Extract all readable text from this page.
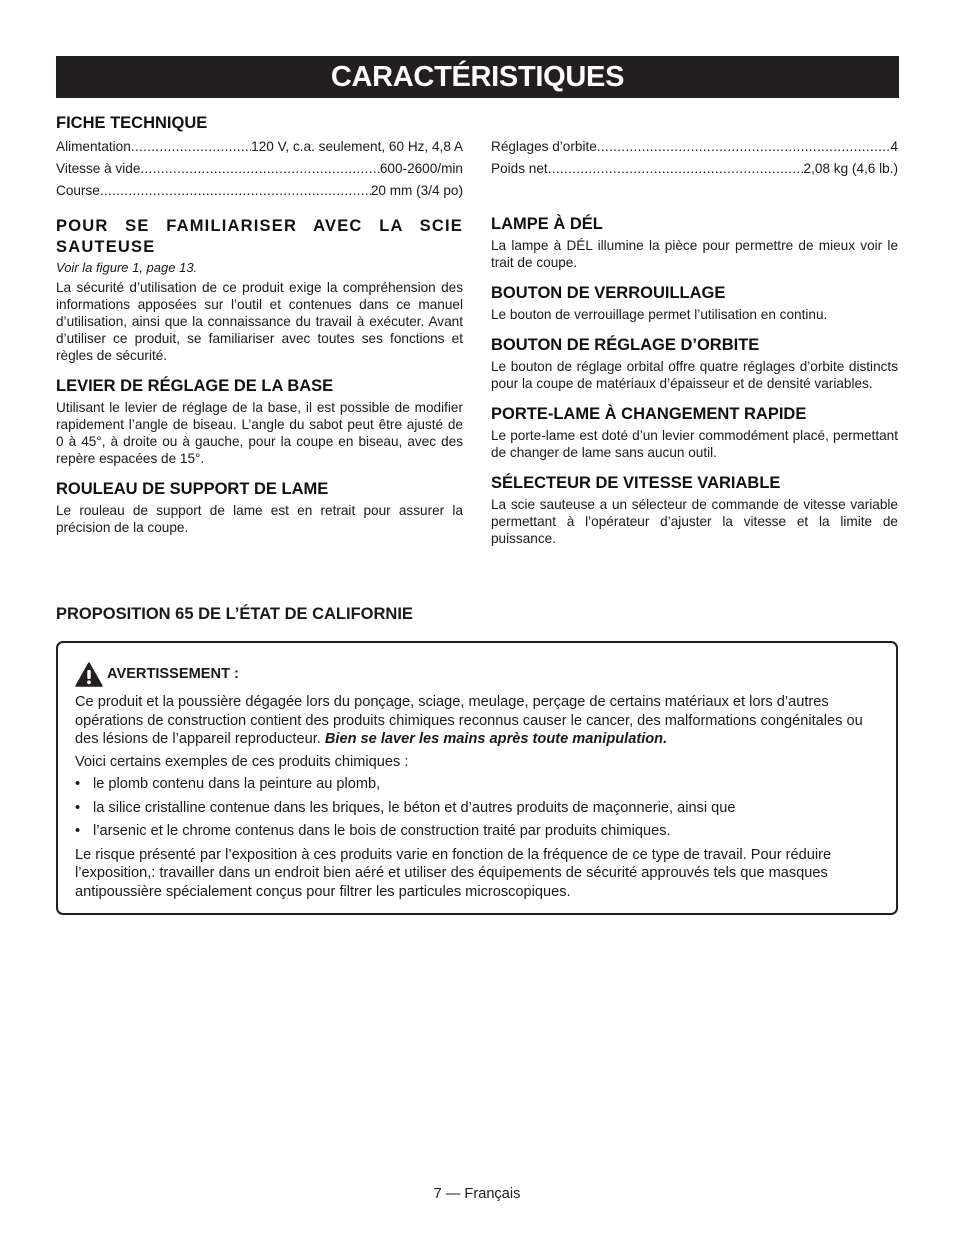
CARACTÉRISTIQUES
FICHE TECHNIQUE
Alimentation .....	120 V, c.a. seulement, 60 Hz, 4,8 A
Vitesse à vide .....	600-2600/min
Course .....	20 mm (3/4 po)
POUR SE FAMILIARISER AVEC LA SCIE SAUTEUSE

Voir la figure 1, page 13.

La sécurité d’utilisation de ce produit exige la compréhension des informations apposées sur l’outil et contenues dans ce manuel d’utilisation, ainsi que la connaissance du travail à exécuter. Avant d’utiliser ce produit, se familiariser avec toutes ses fonctions et règles de sécurité.

LEVIER DE RÉGLAGE DE LA BASE

Utilisant le levier de réglage de la base, il est possible de modifier rapidement l’angle de biseau. L’angle du sabot peut être ajusté de 0 à 45°, à droite ou à gauche, pour la coupe en biseau, avec des repère espacées de 15°.

ROULEAU DE SUPPORT DE LAME

Le rouleau de support de lame est en retrait pour assurer la précision de la coupe.

Réglages d’orbite .....	4
Poids net .....	2,08 kg (4,6 lb.)
LAMPE À DÉL

La lampe à DÉL illumine la pièce pour permettre de mieux voir le trait de coupe.

BOUTON DE VERROUILLAGE

Le bouton de verrouillage permet l’utilisation en continu.

BOUTON DE RÉGLAGE D’ORBITE

Le bouton de réglage orbital offre quatre réglages d’orbite distincts pour la coupe de matériaux d’épaisseur et de densité variables.

PORTE-LAME À CHANGEMENT RAPIDE

Le porte-lame est doté d’un levier commodément placé, permettant de changer de lame sans aucun outil.

SÉLECTEUR DE VITESSE VARIABLE

La scie sauteuse a un sélecteur de commande de vitesse variable permettant à l’opérateur d’ajuster la vitesse et la limite de puissance.

PROPOSITION 65 DE L’ÉTAT DE CALIFORNIE
AVERTISSEMENT :

Ce produit et la poussière dégagée lors du ponçage, sciage, meulage, perçage de certains matériaux et lors d’autres opérations de construction contient des produits chimiques reconnus causer le cancer, des malformations congénitales ou des lésions de l’appareil reproducteur. Bien se laver les mains après toute manipulation.

Voici certains exemples de ces produits chimiques :

• le plomb contenu dans la peinture au plomb,
• la silice cristalline contenue dans les briques, le béton et d’autres produits de maçonnerie, ainsi que
• l’arsenic et le chrome contenus dans le bois de construction traité par produits chimiques.

Le risque présenté par l’exposition à ces produits varie en fonction de la fréquence de ce type de travail. Pour réduire l’exposition,: travailler dans un endroit bien aéré et utiliser des équipements de sécurité approuvés tels que masques antipoussière spécialement conçus pour filtrer les particules microscopiques.

7 — Français
